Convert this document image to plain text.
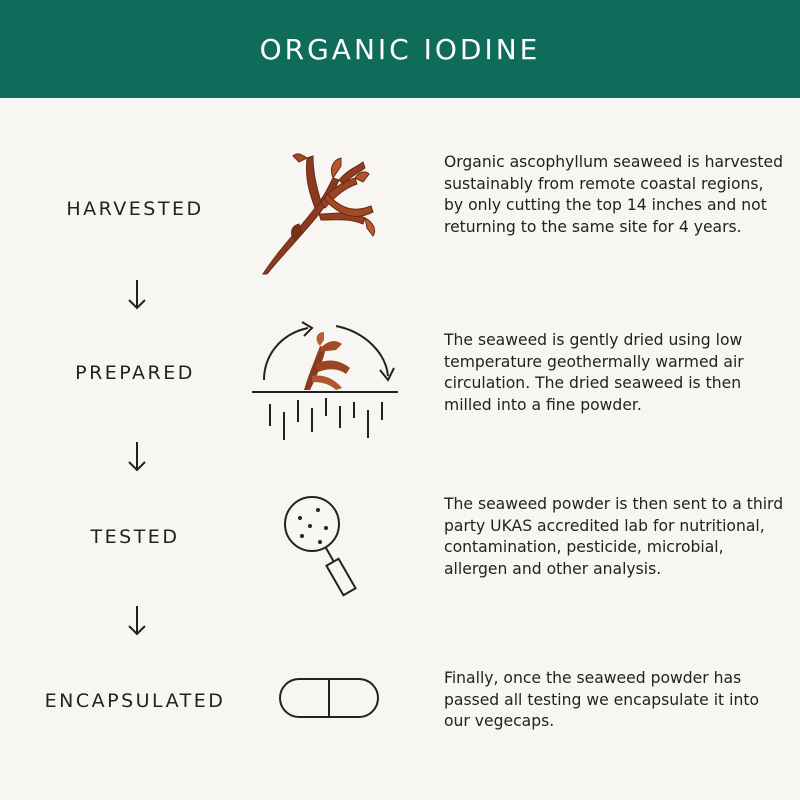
ORGANIC IODINE
HARVESTED
Organic ascophyllum seaweed is harvested sustainably from remote coastal regions, by only cutting the top 14 inches and not returning to the same site for 4 years.
PREPARED
The seaweed is gently dried using low temperature geothermally warmed air circulation. The dried seaweed is then milled into a fine powder.
TESTED
The seaweed powder is then sent to a third party UKAS accredited lab for nutritional, contamination, pesticide, microbial, allergen and other analysis.
ENCAPSULATED
Finally, once the seaweed powder has passed all testing we encapsulate it into our vegecaps.
